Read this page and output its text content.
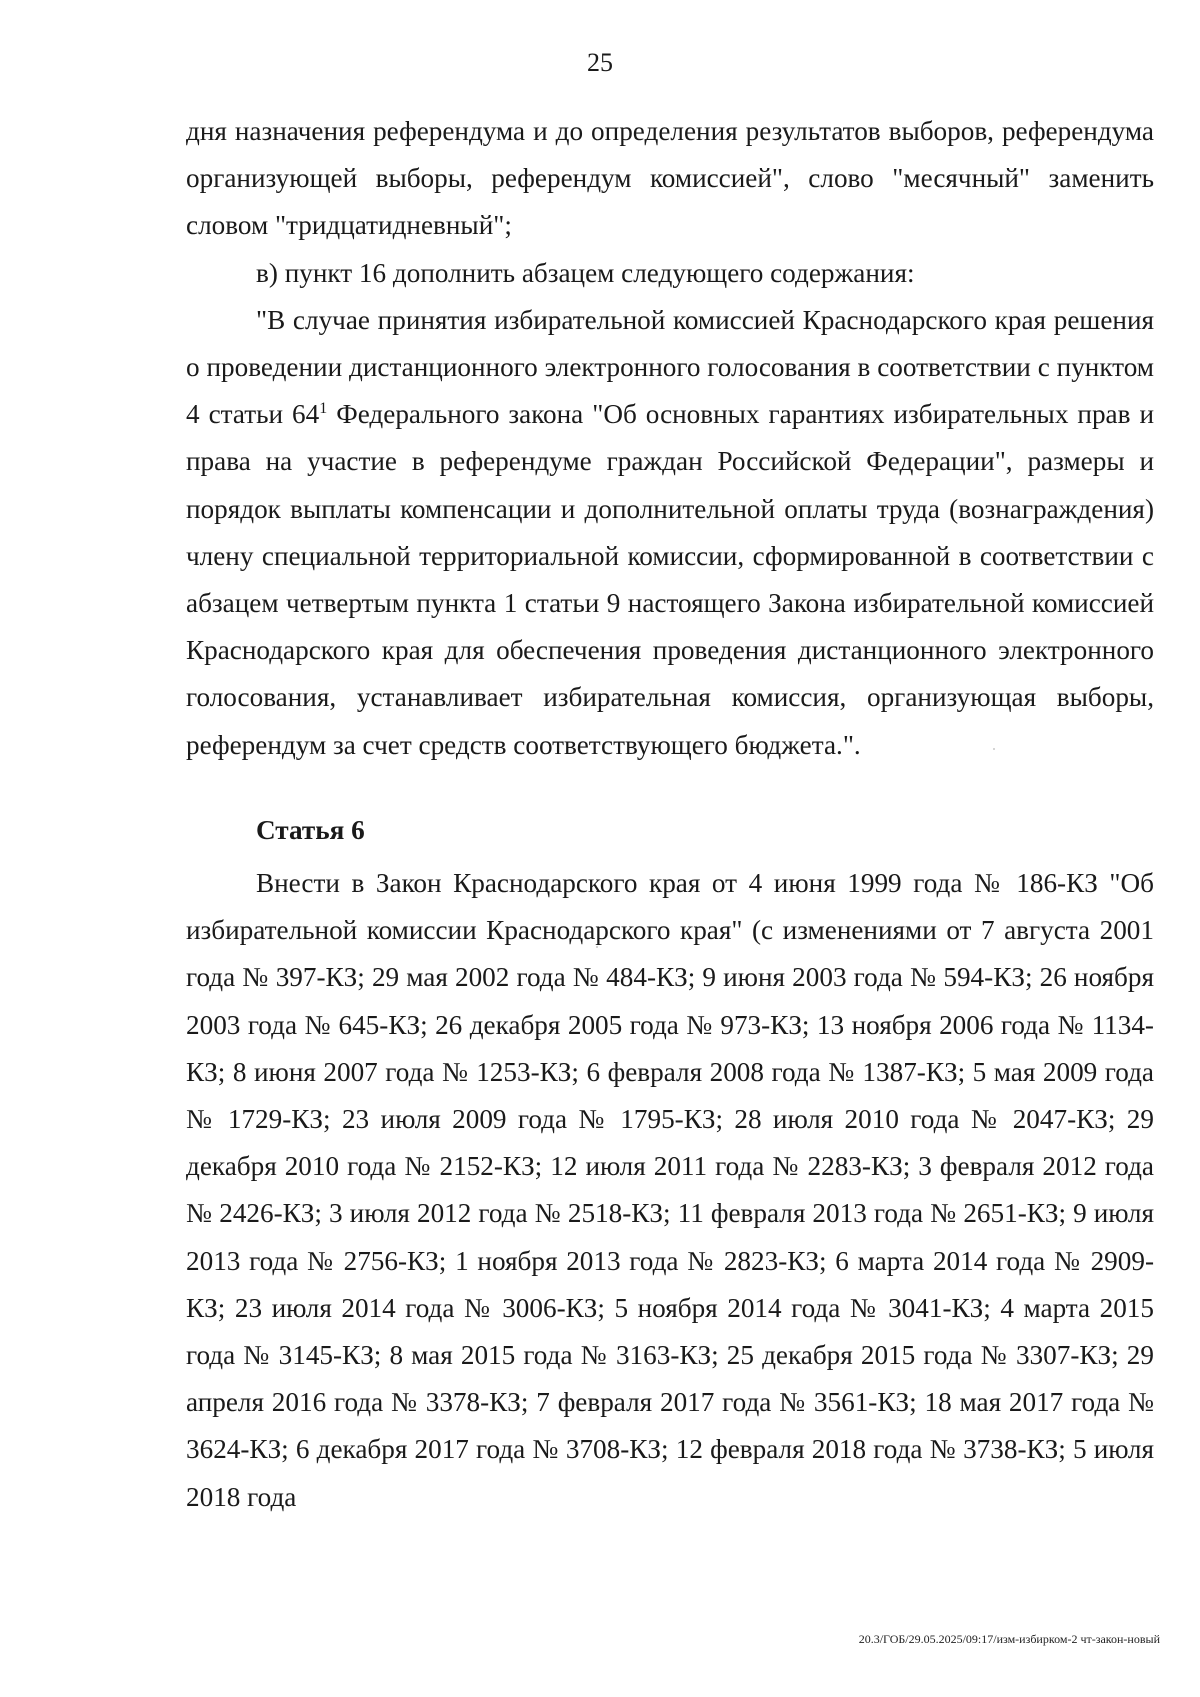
25

дня назначения референдума и до определения результатов выборов, референдума организующей выборы, референдум комиссией", слово "месячный" заменить словом "тридцатидневный";

в) пункт 16 дополнить абзацем следующего содержания:

"В случае принятия избирательной комиссией Краснодарского края решения о проведении дистанционного электронного голосования в соответствии с пунктом 4 статьи $64^1$ Федерального закона "Об основных гарантиях избирательных прав и права на участие в референдуме граждан Российской Федерации", размеры и порядок выплаты компенсации и дополнительной оплаты труда (вознаграждения) члену специальной территориальной комиссии, сформированной в соответствии с абзацем четвертым пункта 1 статьи 9 настоящего Закона избирательной комиссией Краснодарского края для обеспечения проведения дистанционного электронного голосования, устанавливает избирательная комиссия, организующая выборы, референдум за счет средств соответствующего бюджета.".

Статья 6

Внести в Закон Краснодарского края от 4 июня 1999 года № 186-КЗ "Об избирательной комиссии Краснодарского края" (с изменениями от 7 августа 2001 года № 397-КЗ; 29 мая 2002 года № 484-КЗ; 9 июня 2003 года № 594-КЗ; 26 ноября 2003 года № 645-КЗ; 26 декабря 2005 года № 973-КЗ; 13 ноября 2006 года № 1134-КЗ; 8 июня 2007 года № 1253-КЗ; 6 февраля 2008 года № 1387-КЗ; 5 мая 2009 года № 1729-КЗ; 23 июля 2009 года № 1795-КЗ; 28 июля 2010 года № 2047-КЗ; 29 декабря 2010 года № 2152-КЗ; 12 июля 2011 года № 2283-КЗ; 3 февраля 2012 года № 2426-КЗ; 3 июля 2012 года № 2518-КЗ; 11 февраля 2013 года № 2651-КЗ; 9 июля 2013 года № 2756-КЗ; 1 ноября 2013 года № 2823-КЗ; 6 марта 2014 года № 2909-КЗ; 23 июля 2014 года № 3006-КЗ; 5 ноября 2014 года № 3041-КЗ; 4 марта 2015 года № 3145-КЗ; 8 мая 2015 года № 3163-КЗ; 25 декабря 2015 года № 3307-КЗ; 29 апреля 2016 года № 3378-КЗ; 7 февраля 2017 года № 3561-КЗ; 18 мая 2017 года № 3624-КЗ; 6 декабря 2017 года № 3708-КЗ; 12 февраля 2018 года № 3738-КЗ; 5 июля 2018 года

20.3/ГОБ/29.05.2025/09:17/изм-избирком-2 чт-закон-новый
